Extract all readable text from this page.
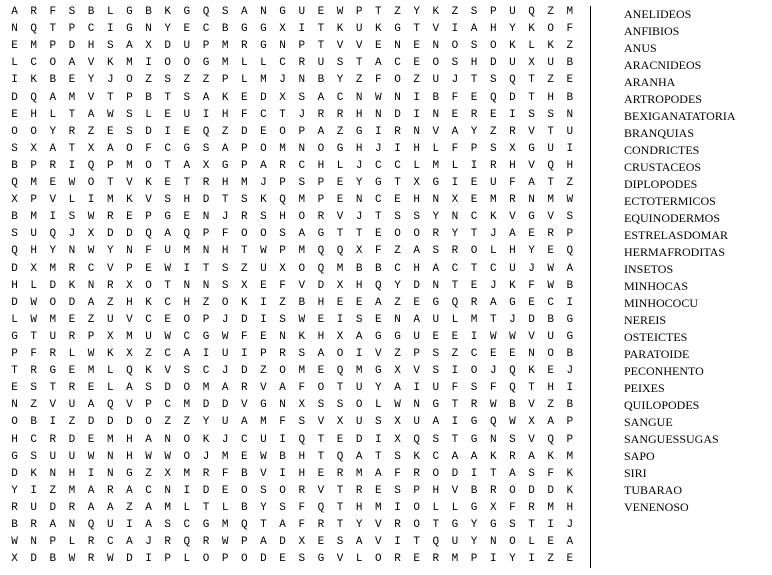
A	R	F	S	B	L	G	B	K	G	Q	S	A	N	G	U	E	W	P	T	Z	Y	K	Z	S	P	U	Q	Z	M
N	Q	T	P	C	I	G	N	Y	E	C	B	G	G	X	I	T	K	U	K	G	T	V	I	A	H	Y	K	O	F
E	M	P	D	H	S	A	X	D	U	P	M	R	G	N	P	T	V	V	E	N	E	N	O	S	O	K	L	K	Z
L	C	O	A	V	K	M	I	O	O	G	M	L	L	C	R	U	S	T	A	C	E	O	S	H	D	U	X	U	B
I	K	B	E	Y	J	O	Z	S	Z	Z	P	L	M	J	N	B	Y	Z	F	O	Z	U	J	T	S	Q	T	Z	E
D	Q	A	M	V	T	P	B	T	S	A	K	E	D	X	S	A	C	N	W	N	I	B	F	E	Q	D	T	H	B
E	H	L	T	A	W	S	L	E	U	I	H	F	C	T	J	R	R	H	N	D	I	N	E	R	E	I	S	S	N
O	O	Y	R	Z	E	S	D	I	E	Q	Z	D	E	O	P	A	Z	G	I	R	N	V	A	Y	Z	R	V	T	U
S	X	A	T	X	A	O	F	C	G	S	A	P	O	M	N	O	G	H	J	I	H	L	F	P	S	X	G	U	I
B	P	R	I	Q	P	M	O	T	A	X	G	P	A	R	C	H	L	J	C	C	L	M	L	I	R	H	V	Q	H
Q	M	E	W	O	T	V	K	E	T	R	H	M	J	P	S	P	E	Y	G	T	X	G	I	E	U	F	A	T	Z
X	P	V	L	I	M	K	V	S	H	D	T	S	K	Q	M	P	E	N	C	E	H	N	X	E	M	R	N	M	W
B	M	I	S	W	R	E	P	G	E	N	J	R	S	H	O	R	V	J	T	S	S	Y	N	C	K	V	G	V	S
S	U	Q	J	X	D	D	Q	A	Q	P	F	O	O	S	A	G	T	T	E	O	O	R	Y	T	J	A	E	R	P
Q	H	Y	N	W	Y	N	F	U	M	N	H	T	W	P	M	Q	Q	X	F	Z	A	S	R	O	L	H	Y	E	Q
D	X	M	R	C	V	P	E	W	I	T	S	Z	U	X	O	Q	M	B	B	C	H	A	C	T	C	U	J	W	A
H	L	D	K	N	R	X	O	T	N	N	S	X	E	F	V	D	X	H	Q	Y	D	N	T	E	J	K	F	W	B
D	W	O	D	A	Z	H	K	C	H	Z	O	K	I	Z	B	H	E	E	A	Z	E	G	Q	R	A	G	E	C	I
L	W	M	E	Z	U	V	C	E	O	P	J	D	I	S	W	E	I	S	E	N	A	U	L	M	T	J	D	B	G
G	T	U	R	P	X	M	U	W	C	G	W	F	E	N	K	H	X	A	G	G	U	E	E	I	W	W	V	U	G
P	F	R	L	W	K	X	Z	C	A	I	U	I	P	R	S	A	O	I	V	Z	P	S	Z	C	E	E	N	O	B
T	R	G	E	M	L	Q	K	V	S	C	J	D	Z	O	M	E	Q	M	G	X	V	S	I	O	J	Q	K	E	J
E	S	T	R	E	L	A	S	D	O	M	A	R	V	A	F	O	T	U	Y	A	I	U	F	S	F	Q	T	H	I
N	Z	V	U	A	Q	V	P	C	M	D	D	V	G	N	X	S	S	O	L	W	N	G	T	R	W	B	V	Z	B
O	B	I	Z	D	D	D	O	Z	Z	Y	U	A	M	F	S	V	X	U	S	X	U	A	I	G	Q	W	X	A	P
H	C	R	D	E	M	H	A	N	O	K	J	C	U	I	Q	T	E	D	I	X	Q	S	T	G	N	S	V	Q	P
G	S	U	U	W	N	H	W	W	O	J	M	E	W	B	H	T	Q	A	T	S	K	C	A	A	K	R	A	K	M
D	K	N	H	I	N	G	Z	X	M	R	F	B	V	I	H	E	R	M	A	F	R	O	D	I	T	A	S	F	K
Y	I	Z	M	A	R	A	C	N	I	D	E	O	S	O	R	V	T	R	E	S	P	H	V	B	R	O	D	D	K
R	U	D	R	A	A	Z	A	M	L	T	L	B	Y	S	F	Q	T	H	M	I	O	L	L	G	X	F	R	M	H
B	R	A	N	Q	U	I	A	S	C	G	M	Q	T	A	F	R	T	Y	V	R	O	T	G	Y	G	S	T	I	J
W	N	P	L	R	C	A	J	R	Q	R	W	P	A	D	X	E	S	A	V	I	T	Q	U	Y	N	O	L	E	A
X	D	B	W	R	W	D	I	P	L	O	P	O	D	E	S	G	V	L	O	R	E	R	M	P	I	Y	I	Z	E
ANELIDEOS
ANFIBIOS
ANUS
ARACNIDEOS
ARANHA
ARTROPODES
BEXIGANATATORIA
BRANQUIAS
CONDRICTES
CRUSTACEOS
DIPLOPODES
ECTOTERMICOS
EQUINODERMOS
ESTRELASDOMAR
HERMAFRODITAS
INSETOS
MINHOCAS
MINHOCOCU
NEREIS
OSTEICTES
PARATOIDE
PECONHENTO
PEIXES
QUILOPODES
SANGUE
SANGUESSUGAS
SAPO
SIRI
TUBARAO
VENENOSO
